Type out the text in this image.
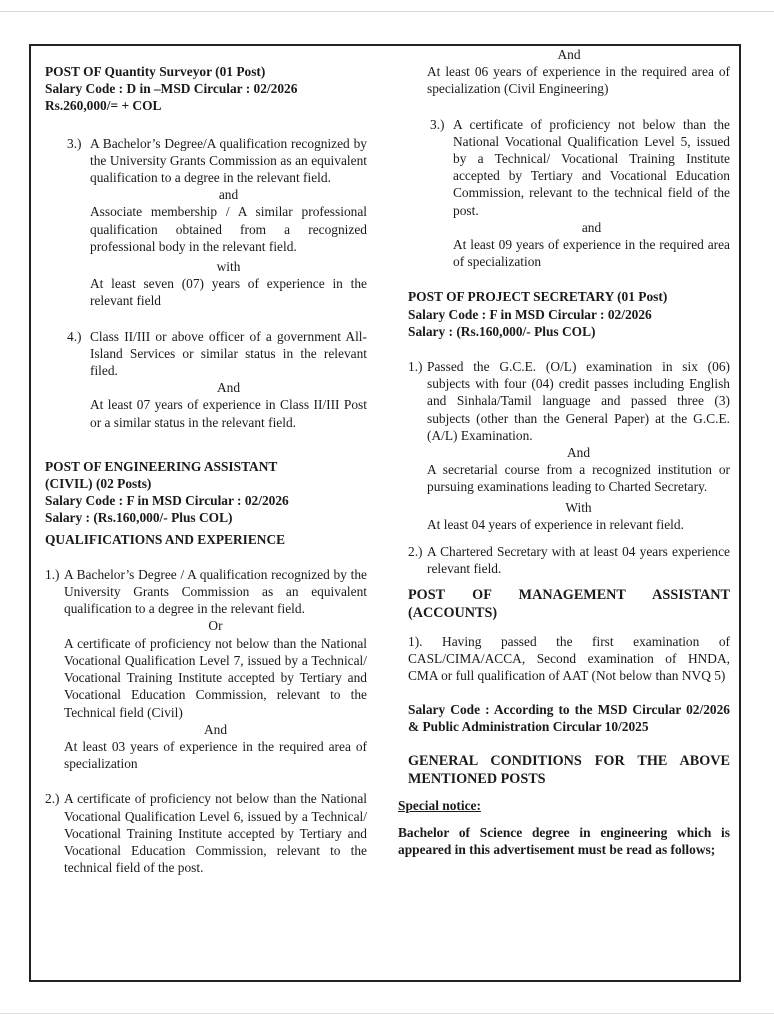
POST OF Quantity Surveyor (01 Post)

Salary Code : D in –MSD Circular : 02/2026

Rs.260,000/= + COL

3.) A Bachelor’s Degree/A qualification recognized by the University Grants Commission as an equivalent qualification to a degree in the relevant field.

and

Associate membership / A similar professional qualification obtained from a recognized professional body in the relevant field.

with

At least seven (07) years of experience in the relevant field

4.) Class II/III or above officer of a government All-Island Services or similar status in the relevant filed.

And

At least 07 years of experience in Class II/III Post or a similar status in the relevant field.

POST OF ENGINEERING ASSISTANT

(CIVIL) (02 Posts)

Salary Code : F in MSD Circular : 02/2026

Salary : (Rs.160,000/- Plus COL)

QUALIFICATIONS AND EXPERIENCE

1.) A Bachelor’s Degree / A qualification recognized by the University Grants Commission as an equivalent qualification to a degree in the relevant field.

Or

A certificate of proficiency not below than the National Vocational Qualification Level 7, issued by a Technical/ Vocational Training Institute accepted by Tertiary and Vocational Education Commission, relevant to the Technical field (Civil)

And

At least 03 years of experience in the required area of specialization

2.) A certificate of proficiency not below than the National Vocational Qualification Level 6, issued by a Technical/ Vocational Training Institute accepted by Tertiary and Vocational Education Commission, relevant to the technical field of the post.

And

At least 06 years of experience in the required area of specialization (Civil Engineering)

3.) A certificate of proficiency not below than the National Vocational Qualification Level 5, issued by a Technical/ Vocational Training Institute accepted by Tertiary and Vocational Education Commission, relevant to the technical field of the post.

and

At least 09 years of experience in the required area of specialization

POST OF PROJECT SECRETARY (01 Post)

Salary Code : F in MSD Circular : 02/2026

Salary : (Rs.160,000/- Plus COL)

1.) Passed the G.C.E. (O/L) examination in six (06) subjects with four (04) credit passes including English and Sinhala/Tamil language and passed three (3) subjects (other than the General Paper) at the G.C.E. (A/L) Examination.

And

A secretarial course from a recognized institution or pursuing examinations leading to Charted Secretary.

With

At least 04 years of experience in relevant field.

2.) A Chartered Secretary with at least 04 years experience relevant field.

POST OF MANAGEMENT ASSISTANT (ACCOUNTS)

1). Having passed the first examination of CASL/CIMA/ACCA, Second examination of HNDA, CMA or full qualification of AAT (Not below than NVQ 5)

Salary Code : According to the MSD Circular 02/2026 & Public Administration Circular 10/2025

GENERAL CONDITIONS FOR THE ABOVE MENTIONED POSTS

Special notice:

Bachelor of Science degree in engineering which is appeared in this advertisement must be read as follows;
